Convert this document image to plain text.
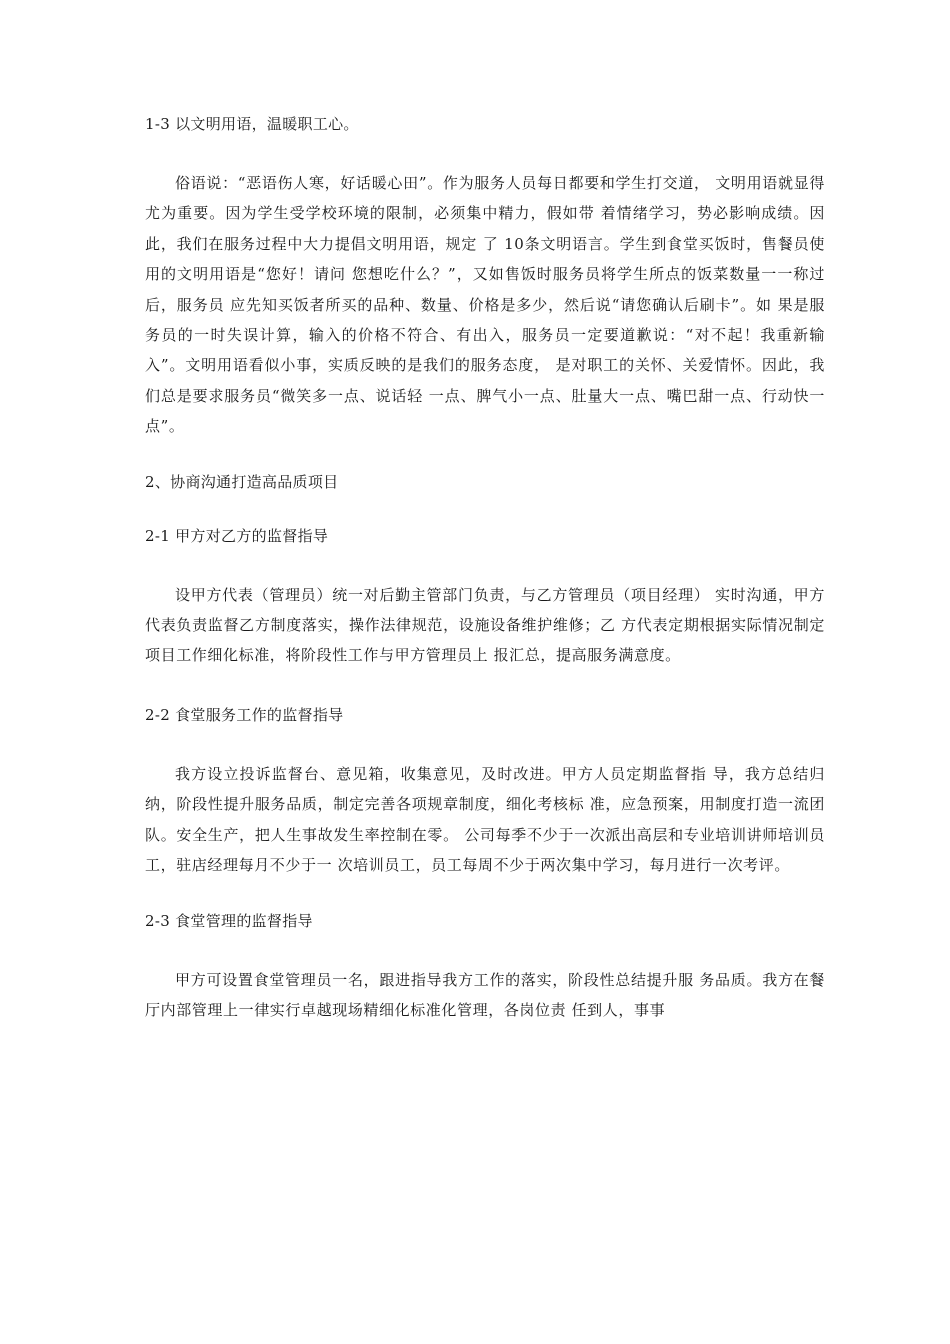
1-3 以文明用语，温暖职工心。

俗语说：“恶语伤人寒，好话暖心田”。作为服务人员每日都要和学生打交道， 文明用语就显得尤为重要。因为学生受学校环境的限制，必须集中精力，假如带 着情绪学习，势必影响成绩。因此，我们在服务过程中大力提倡文明用语，规定 了 10条文明语言。学生到食堂买饭时，售餐员使用的文明用语是“您好！请问 您想吃什么？”，又如售饭时服务员将学生所点的饭菜数量一一称过后，服务员 应先知买饭者所买的品种、数量、价格是多少，然后说“请您确认后刷卡”。如 果是服务员的一时失误计算，输入的价格不符合、有出入，服务员一定要道歉说：“对不起！我重新输入”。文明用语看似小事，实质反映的是我们的服务态度， 是对职工的关怀、关爱情怀。因此，我们总是要求服务员“微笑多一点、说话轻 一点、脾气小一点、肚量大一点、嘴巴甜一点、行动快一点”。

2、协商沟通打造高品质项目

2-1 甲方对乙方的监督指导

设甲方代表（管理员）统一对后勤主管部门负责，与乙方管理员（项目经理） 实时沟通，甲方代表负责监督乙方制度落实，操作法律规范，设施设备维护维修；乙 方代表定期根据实际情况制定项目工作细化标准，将阶段性工作与甲方管理员上 报汇总，提高服务满意度。

2-2 食堂服务工作的监督指导

我方设立投诉监督台、意见箱，收集意见，及时改进。甲方人员定期监督指 导，我方总结归纳，阶段性提升服务品质，制定完善各项规章制度，细化考核标 准，应急预案，用制度打造一流团队。安全生产，把人生事故发生率控制在零。 公司每季不少于一次派出高层和专业培训讲师培训员工，驻店经理每月不少于一 次培训员工，员工每周不少于两次集中学习，每月进行一次考评。

2-3 食堂管理的监督指导

甲方可设置食堂管理员一名，跟进指导我方工作的落实，阶段性总结提升服 务品质。我方在餐厅内部管理上一律实行卓越现场精细化标准化管理，各岗位责 任到人，事事
